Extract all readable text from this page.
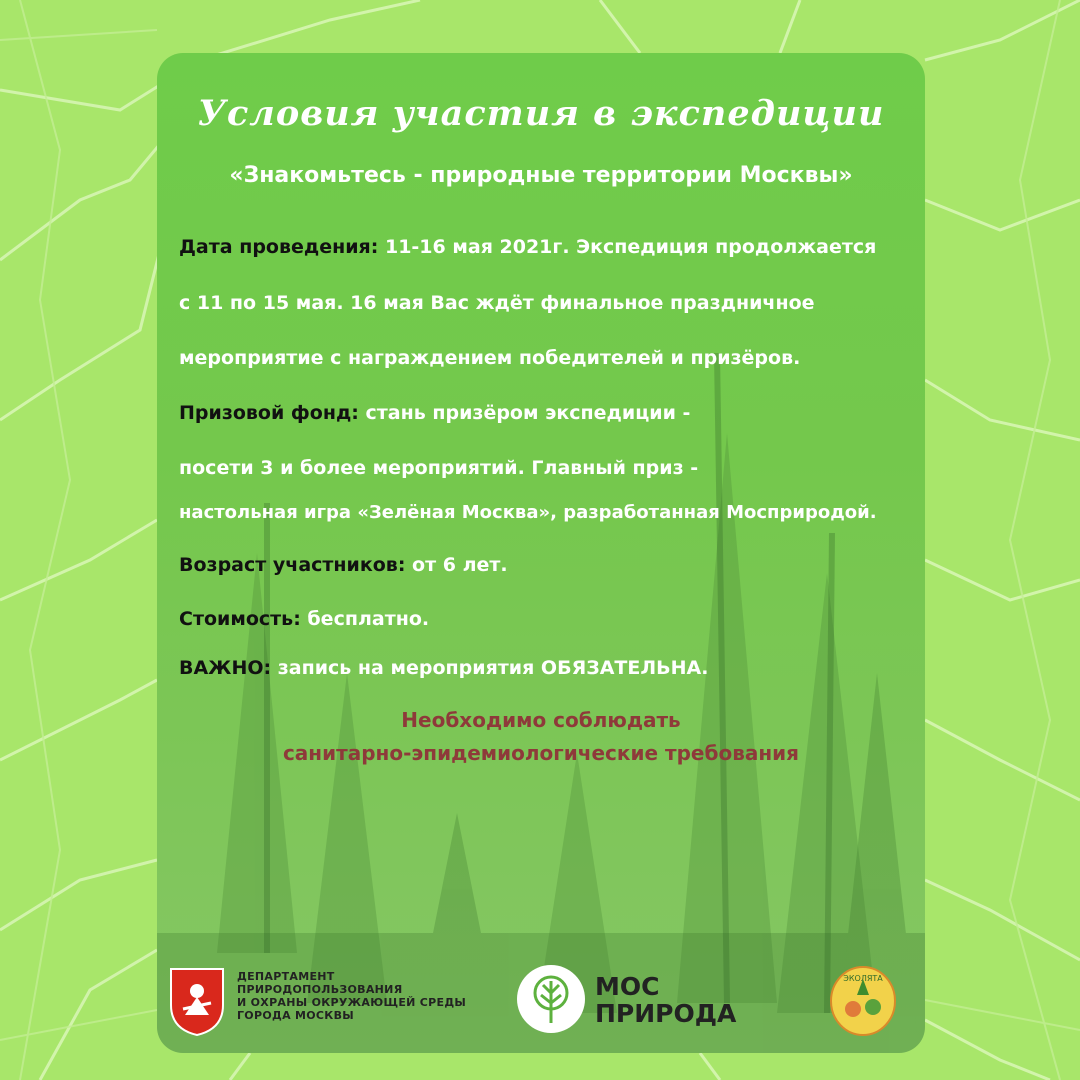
Условия участия в экспедиции
«Знакомьтесь - природные территории Москвы»
Дата проведения: 11-16 мая 2021г. Экспедиция продолжается
с 11 по 15 мая. 16 мая Вас ждёт финальное праздничное
мероприятие с награждением победителей и призёров.
Призовой фонд: стань призёром экспедиции -
посети 3 и более мероприятий. Главный приз -
настольная игра «Зелёная Москва», разработанная Мосприродой.
Возраст участников: от 6 лет.
Стоимость: бесплатно.
ВАЖНО: запись на мероприятия ОБЯЗАТЕЛЬНА.
Необходимо соблюдать
санитарно-эпидемиологические требования
ДЕПАРТАМЕНТ
ПРИРОДОПОЛЬЗОВАНИЯ
И ОХРАНЫ ОКРУЖАЮЩЕЙ СРЕДЫ
ГОРОДА МОСКВЫ
МОС
ПРИРОДА
ЭКОЛЯТА
